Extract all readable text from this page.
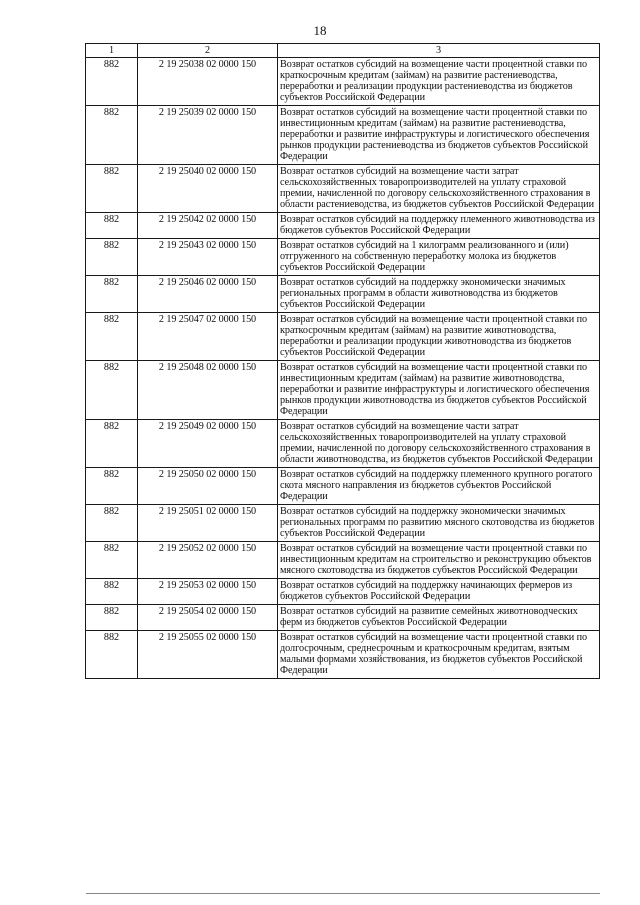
18
1	2	3
882	2 19 25038 02 0000 150	Возврат остатков субсидий на возмещение части процентной ставки по краткосрочным кредитам (займам) на развитие растениеводства, переработки и реализации продукции растениеводства из бюджетов субъектов Российской Федерации
882	2 19 25039 02 0000 150	Возврат остатков субсидий на возмещение части процентной ставки по инвестиционным кредитам (займам) на развитие растениеводства, переработки и развитие инфраструктуры и логистического обеспечения рынков продукции растениеводства из бюджетов субъектов Российской Федерации
882	2 19 25040 02 0000 150	Возврат остатков субсидий на возмещение части затрат сельскохозяйственных товаропроизводителей на уплату страховой премии, начисленной по договору сельскохозяйственного страхования в области растениеводства, из бюджетов субъектов Российской Федерации
882	2 19 25042 02 0000 150	Возврат остатков субсидий на поддержку племенного животноводства из бюджетов субъектов Российской Федерации
882	2 19 25043 02 0000 150	Возврат остатков субсидий на 1 килограмм реализованного и (или) отгруженного на собственную переработку молока из бюджетов субъектов Российской Федерации
882	2 19 25046 02 0000 150	Возврат остатков субсидий на поддержку экономически значимых региональных программ в области животноводства из бюджетов субъектов Российской Федерации
882	2 19 25047 02 0000 150	Возврат остатков субсидий на возмещение части процентной ставки по краткосрочным кредитам (займам) на развитие животноводства, переработки и реализации продукции животноводства из бюджетов субъектов Российской Федерации
882	2 19 25048 02 0000 150	Возврат остатков субсидий на возмещение части процентной ставки по инвестиционным кредитам (займам) на развитие животноводства, переработки и развитие инфраструктуры и логистического обеспечения рынков продукции животноводства из бюджетов субъектов Российской Федерации
882	2 19 25049 02 0000 150	Возврат остатков субсидий на возмещение части затрат сельскохозяйственных товаропроизводителей на уплату страховой премии, начисленной по договору сельскохозяйственного страхования в области животноводства, из бюджетов субъектов Российской Федерации
882	2 19 25050 02 0000 150	Возврат остатков субсидий на поддержку племенного крупного рогатого скота мясного направления из бюджетов субъектов Российской Федерации
882	2 19 25051 02 0000 150	Возврат остатков субсидий на поддержку экономически значимых региональных программ по развитию мясного скотоводства из бюджетов субъектов Российской Федерации
882	2 19 25052 02 0000 150	Возврат остатков субсидий на возмещение части процентной ставки по инвестиционным кредитам на строительство и реконструкцию объектов мясного скотоводства из бюджетов субъектов Российской Федерации
882	2 19 25053 02 0000 150	Возврат остатков субсидий на поддержку начинающих фермеров из бюджетов субъектов Российской Федерации
882	2 19 25054 02 0000 150	Возврат остатков субсидий на развитие семейных животноводческих ферм из бюджетов субъектов Российской Федерации
882	2 19 25055 02 0000 150	Возврат остатков субсидий на возмещение части процентной ставки по долгосрочным, среднесрочным и краткосрочным кредитам, взятым малыми формами хозяйствования, из бюджетов субъектов Российской Федерации
